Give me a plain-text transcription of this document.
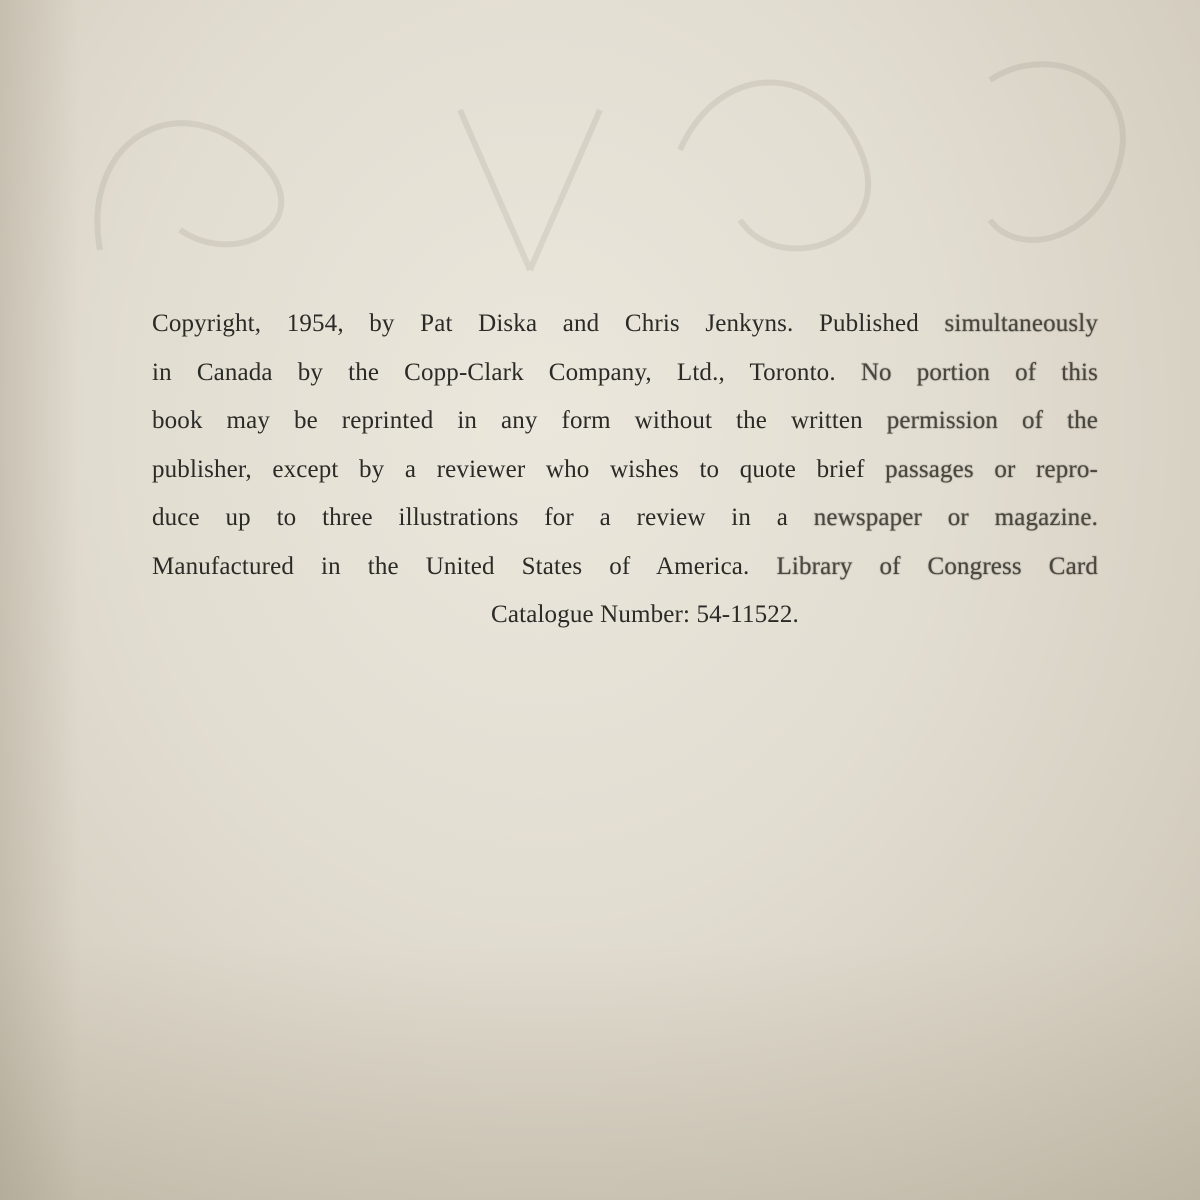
Copyright, 1954, by Pat Diska and Chris Jenkyns. Published simultaneously
in Canada by the Copp-Clark Company, Ltd., Toronto. No portion of this
book may be reprinted in any form without the written permission of the
publisher, except by a reviewer who wishes to quote brief passages or repro-
duce up to three illustrations for a review in a newspaper or magazine.
Manufactured in the United States of America. Library of Congress Card
Catalogue Number: 54-11522.
